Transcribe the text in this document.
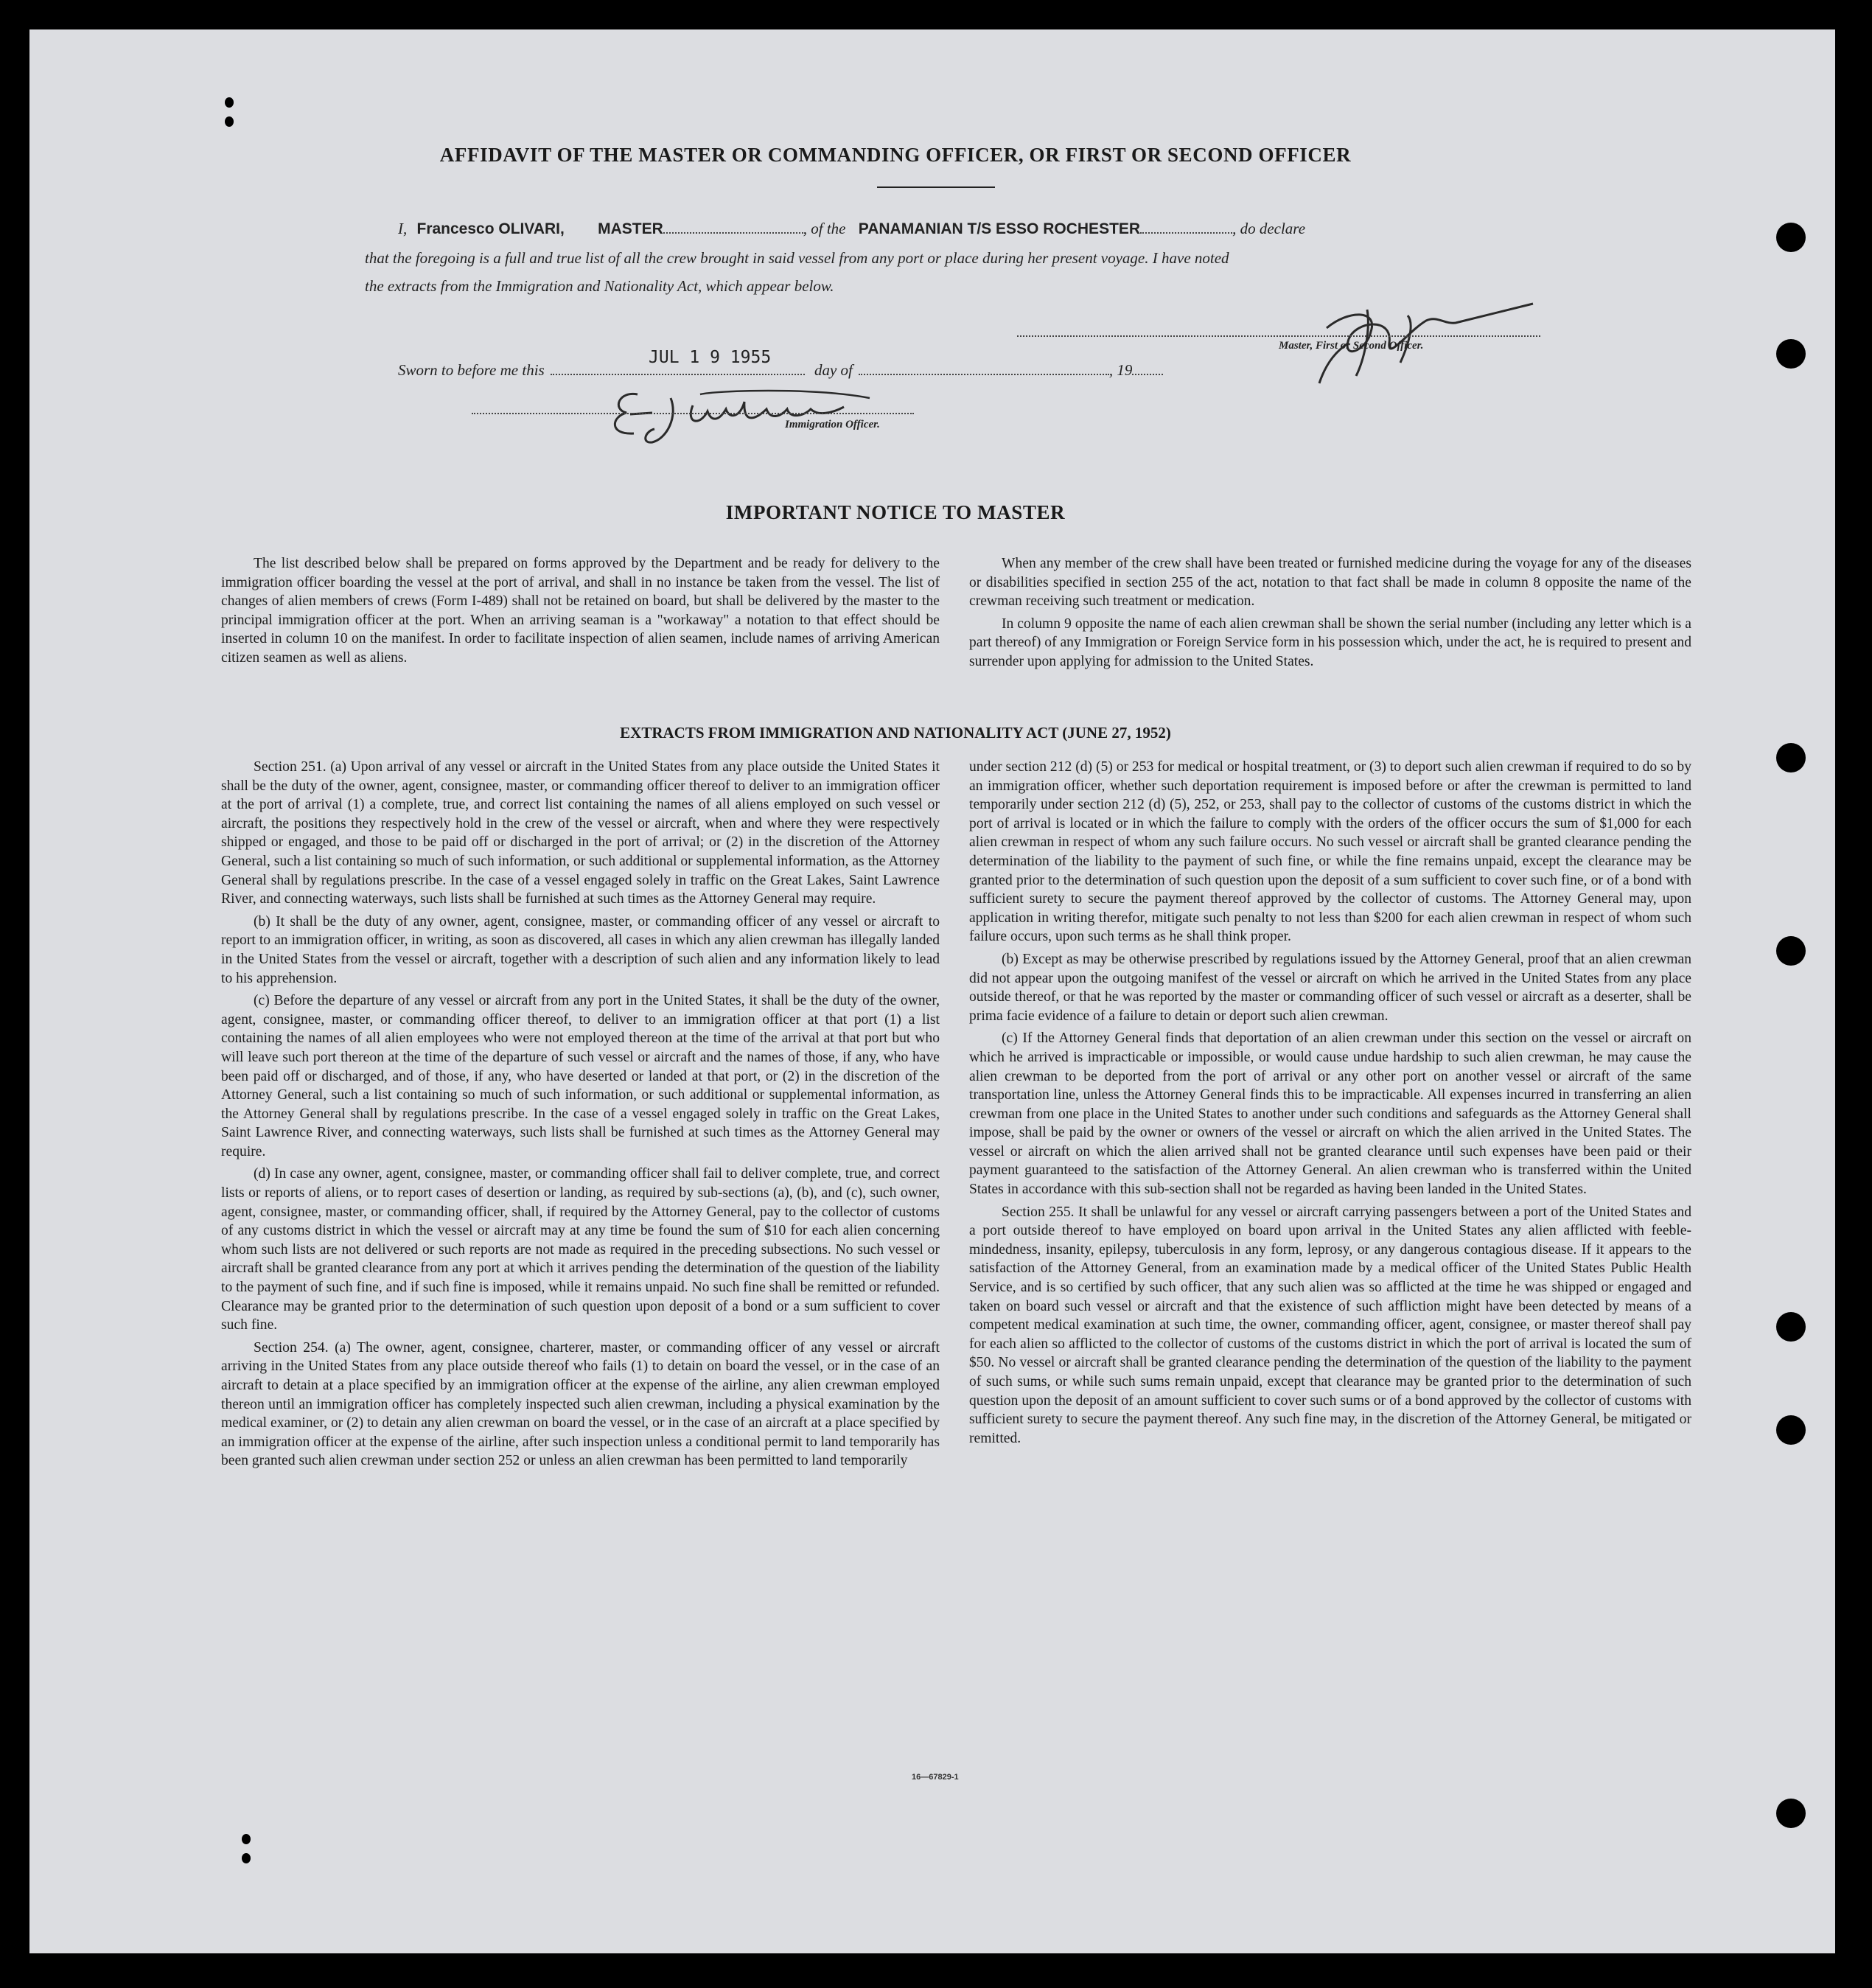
AFFIDAVIT OF THE MASTER OR COMMANDING OFFICER, OR FIRST OR SECOND OFFICER
I, Francesco OLIVARI, MASTER	, of the PANAMANIAN T/S ESSO ROCHESTER	, do declare
that the foregoing is a full and true list of all the crew brought in said vessel from any port or place during her present voyage. I have noted
the extracts from the Immigration and Nationality Act, which appear below.
Master, First or Second Officer.
Sworn to before me this	day of	, 19
JUL 1 9 1955
Immigration Officer.
IMPORTANT NOTICE TO MASTER

The list described below shall be prepared on forms approved by the Department and be ready for delivery to the immigration officer boarding the vessel at the port of arrival, and shall in no instance be taken from the vessel. The list of changes of alien members of crews (Form I-489) shall not be retained on board, but shall be delivered by the master to the principal immigration officer at the port. When an arriving seaman is a "workaway" a notation to that effect should be inserted in column 10 on the manifest. In order to facilitate inspection of alien seamen, include names of arriving American citizen seamen as well as aliens.

When any member of the crew shall have been treated or furnished medicine during the voyage for any of the diseases or disabilities specified in section 255 of the act, notation to that fact shall be made in column 8 opposite the name of the crewman receiving such treatment or medication.

In column 9 opposite the name of each alien crewman shall be shown the serial number (including any letter which is a part thereof) of any Immigration or Foreign Service form in his possession which, under the act, he is required to present and surrender upon applying for admission to the United States.

EXTRACTS FROM IMMIGRATION AND NATIONALITY ACT (JUNE 27, 1952)

Section 251. (a) Upon arrival of any vessel or aircraft in the United States from any place outside the United States it shall be the duty of the owner, agent, consignee, master, or commanding officer thereof to deliver to an immigration officer at the port of arrival (1) a complete, true, and correct list containing the names of all aliens employed on such vessel or aircraft, the positions they respectively hold in the crew of the vessel or aircraft, when and where they were respectively shipped or engaged, and those to be paid off or discharged in the port of arrival; or (2) in the discretion of the Attorney General, such a list containing so much of such information, or such additional or supplemental information, as the Attorney General shall by regulations prescribe. In the case of a vessel engaged solely in traffic on the Great Lakes, Saint Lawrence River, and connecting waterways, such lists shall be furnished at such times as the Attorney General may require.

(b) It shall be the duty of any owner, agent, consignee, master, or commanding officer of any vessel or aircraft to report to an immigration officer, in writing, as soon as discovered, all cases in which any alien crewman has illegally landed in the United States from the vessel or aircraft, together with a description of such alien and any information likely to lead to his apprehension.

(c) Before the departure of any vessel or aircraft from any port in the United States, it shall be the duty of the owner, agent, consignee, master, or commanding officer thereof, to deliver to an immigration officer at that port (1) a list containing the names of all alien employees who were not employed thereon at the time of the arrival at that port but who will leave such port thereon at the time of the departure of such vessel or aircraft and the names of those, if any, who have been paid off or discharged, and of those, if any, who have deserted or landed at that port, or (2) in the discretion of the Attorney General, such a list containing so much of such information, or such additional or supplemental information, as the Attorney General shall by regulations prescribe. In the case of a vessel engaged solely in traffic on the Great Lakes, Saint Lawrence River, and connecting waterways, such lists shall be furnished at such times as the Attorney General may require.

(d) In case any owner, agent, consignee, master, or commanding officer shall fail to deliver complete, true, and correct lists or reports of aliens, or to report cases of desertion or landing, as required by sub-sections (a), (b), and (c), such owner, agent, consignee, master, or commanding officer, shall, if required by the Attorney General, pay to the collector of customs of any customs district in which the vessel or aircraft may at any time be found the sum of $10 for each alien concerning whom such lists are not delivered or such reports are not made as required in the preceding subsections. No such vessel or aircraft shall be granted clearance from any port at which it arrives pending the determination of the question of the liability to the payment of such fine, and if such fine is imposed, while it remains unpaid. No such fine shall be remitted or refunded. Clearance may be granted prior to the determination of such question upon deposit of a bond or a sum sufficient to cover such fine.

Section 254. (a) The owner, agent, consignee, charterer, master, or commanding officer of any vessel or aircraft arriving in the United States from any place outside thereof who fails (1) to detain on board the vessel, or in the case of an aircraft to detain at a place specified by an immigration officer at the expense of the airline, any alien crewman employed thereon until an immigration officer has completely inspected such alien crewman, including a physical examination by the medical examiner, or (2) to detain any alien crewman on board the vessel, or in the case of an aircraft at a place specified by an immigration officer at the expense of the airline, after such inspection unless a conditional permit to land temporarily has been granted such alien crewman under section 252 or unless an alien crewman has been permitted to land temporarily

under section 212 (d) (5) or 253 for medical or hospital treatment, or (3) to deport such alien crewman if required to do so by an immigration officer, whether such deportation requirement is imposed before or after the crewman is permitted to land temporarily under section 212 (d) (5), 252, or 253, shall pay to the collector of customs of the customs district in which the port of arrival is located or in which the failure to comply with the orders of the officer occurs the sum of $1,000 for each alien crewman in respect of whom any such failure occurs. No such vessel or aircraft shall be granted clearance pending the determination of the liability to the payment of such fine, or while the fine remains unpaid, except the clearance may be granted prior to the determination of such question upon the deposit of a sum sufficient to cover such fine, or of a bond with sufficient surety to secure the payment thereof approved by the collector of customs. The Attorney General may, upon application in writing therefor, mitigate such penalty to not less than $200 for each alien crewman in respect of whom such failure occurs, upon such terms as he shall think proper.

(b) Except as may be otherwise prescribed by regulations issued by the Attorney General, proof that an alien crewman did not appear upon the outgoing manifest of the vessel or aircraft on which he arrived in the United States from any place outside thereof, or that he was reported by the master or commanding officer of such vessel or aircraft as a deserter, shall be prima facie evidence of a failure to detain or deport such alien crewman.

(c) If the Attorney General finds that deportation of an alien crewman under this section on the vessel or aircraft on which he arrived is impracticable or impossible, or would cause undue hardship to such alien crewman, he may cause the alien crewman to be deported from the port of arrival or any other port on another vessel or aircraft of the same transportation line, unless the Attorney General finds this to be impracticable. All expenses incurred in transferring an alien crewman from one place in the United States to another under such conditions and safeguards as the Attorney General shall impose, shall be paid by the owner or owners of the vessel or aircraft on which the alien arrived in the United States. The vessel or aircraft on which the alien arrived shall not be granted clearance until such expenses have been paid or their payment guaranteed to the satisfaction of the Attorney General. An alien crewman who is transferred within the United States in accordance with this sub-section shall not be regarded as having been landed in the United States.

Section 255. It shall be unlawful for any vessel or aircraft carrying passengers between a port of the United States and a port outside thereof to have employed on board upon arrival in the United States any alien afflicted with feeble-mindedness, insanity, epilepsy, tuberculosis in any form, leprosy, or any dangerous contagious disease. If it appears to the satisfaction of the Attorney General, from an examination made by a medical officer of the United States Public Health Service, and is so certified by such officer, that any such alien was so afflicted at the time he was shipped or engaged and taken on board such vessel or aircraft and that the existence of such affliction might have been detected by means of a competent medical examination at such time, the owner, commanding officer, agent, consignee, or master thereof shall pay for each alien so afflicted to the collector of customs of the customs district in which the port of arrival is located the sum of $50. No vessel or aircraft shall be granted clearance pending the determination of the question of the liability to the payment of such sums, or while such sums remain unpaid, except that clearance may be granted prior to the determination of such question upon the deposit of an amount sufficient to cover such sums or of a bond approved by the collector of customs with sufficient surety to secure the payment thereof. Any such fine may, in the discretion of the Attorney General, be mitigated or remitted.

16—67829-1
